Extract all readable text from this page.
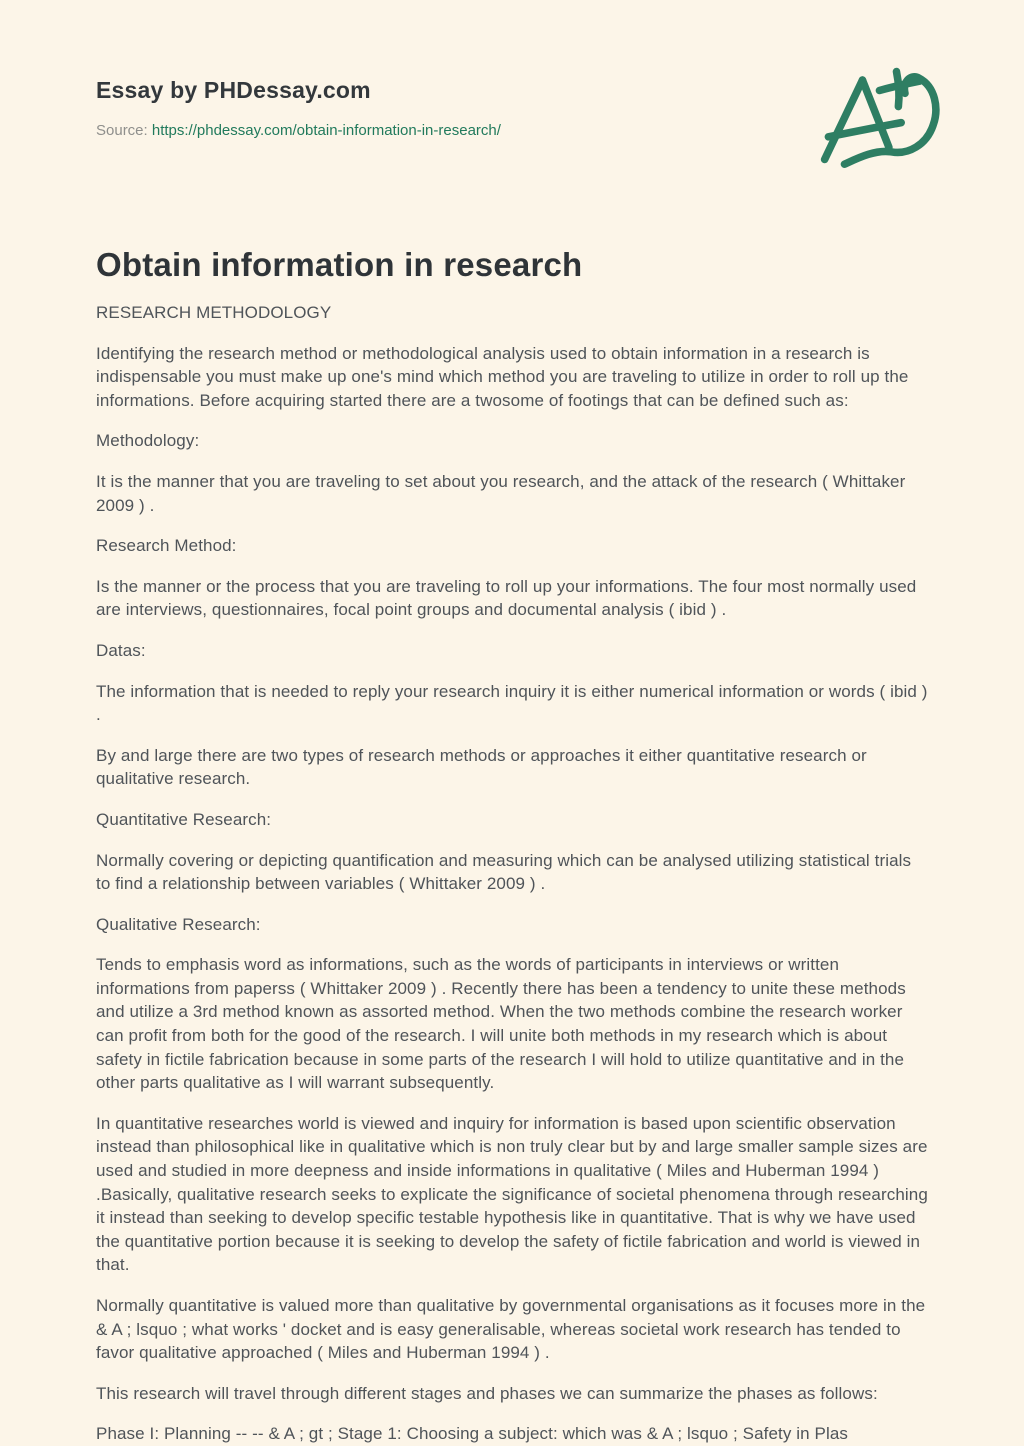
Essay by PHDessay.com
Source: https://phdessay.com/obtain-information-in-research/
Obtain information in research

RESEARCH METHODOLOGY

Identifying the research method or methodological analysis used to obtain information in a research is indispensable you must make up one's mind which method you are traveling to utilize in order to roll up the informations. Before acquiring started there are a twosome of footings that can be defined such as:

Methodology:

It is the manner that you are traveling to set about you research, and the attack of the research ( Whittaker 2009 ) .

Research Method:

Is the manner or the process that you are traveling to roll up your informations. The four most normally used are interviews, questionnaires, focal point groups and documental analysis ( ibid ) .

Datas:

The information that is needed to reply your research inquiry it is either numerical information or words ( ibid ) .

By and large there are two types of research methods or approaches it either quantitative research or qualitative research.

Quantitative Research:

Normally covering or depicting quantification and measuring which can be analysed utilizing statistical trials to find a relationship between variables ( Whittaker 2009 ) .

Qualitative Research:

Tends to emphasis word as informations, such as the words of participants in interviews or written informations from paperss ( Whittaker 2009 ) . Recently there has been a tendency to unite these methods and utilize a 3rd method known as assorted method. When the two methods combine the research worker can profit from both for the good of the research. I will unite both methods in my research which is about safety in fictile fabrication because in some parts of the research I will hold to utilize quantitative and in the other parts qualitative as I will warrant subsequently.

In quantitative researches world is viewed and inquiry for information is based upon scientific observation instead than philosophical like in qualitative which is non truly clear but by and large smaller sample sizes are used and studied in more deepness and inside informations in qualitative ( Miles and Huberman 1994 ) .Basically, qualitative research seeks to explicate the significance of societal phenomena through researching it instead than seeking to develop specific testable hypothesis like in quantitative. That is why we have used the quantitative portion because it is seeking to develop the safety of fictile fabrication and world is viewed in that.

Normally quantitative is valued more than qualitative by governmental organisations as it focuses more in the & A ; lsquo ; what works ' docket and is easy generalisable, whereas societal work research has tended to favor qualitative approached ( Miles and Huberman 1994 ) .

This research will travel through different stages and phases we can summarize the phases as follows:

Phase I: Planning -- -- & A ; gt ; Stage 1: Choosing a subject: which was & A ; lsquo ; Safety in Plas
